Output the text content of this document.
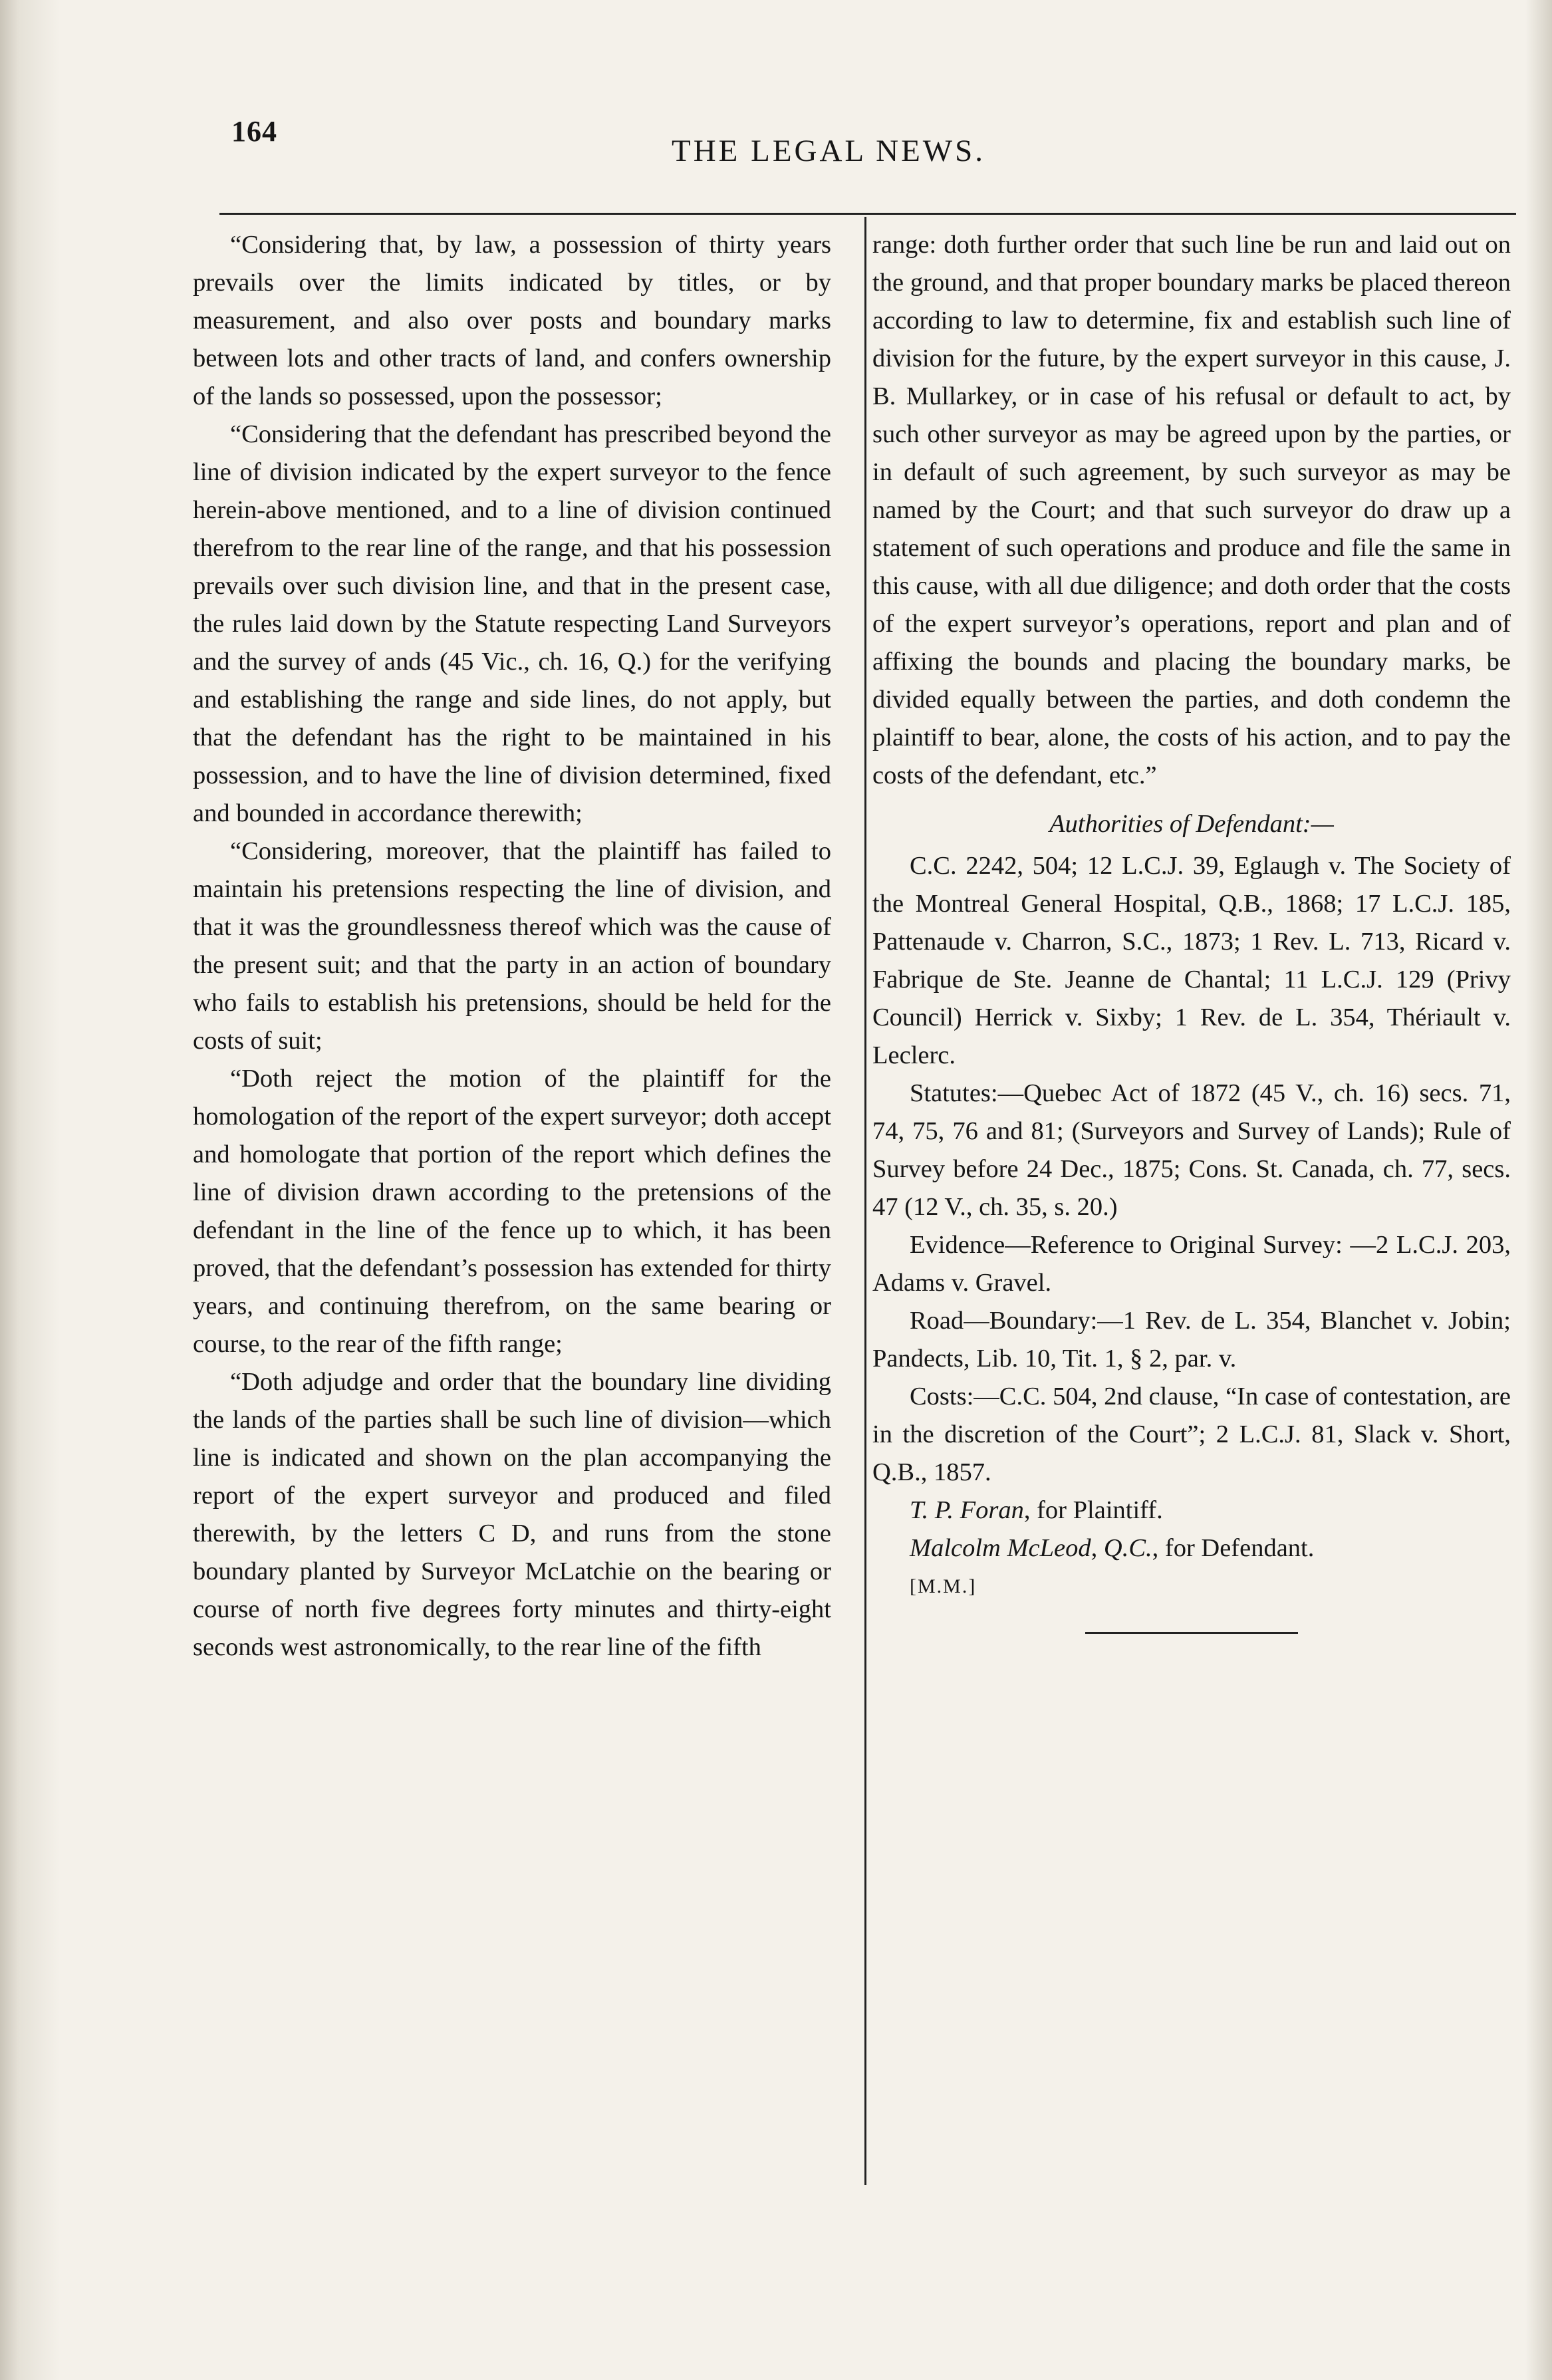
164
THE LEGAL NEWS.

“Considering that, by law, a possession of thirty years prevails over the limits indicated by titles, or by measurement, and also over posts and boundary marks between lots and other tracts of land, and confers ownership of the lands so possessed, upon the possessor;

“Considering that the defendant has prescribed beyond the line of division indicated by the expert surveyor to the fence herein-above mentioned, and to a line of division continued therefrom to the rear line of the range, and that his possession prevails over such division line, and that in the present case, the rules laid down by the Statute respecting Land Surveyors and the survey of ands (45 Vic., ch. 16, Q.) for the verifying and establishing the range and side lines, do not apply, but that the defendant has the right to be maintained in his possession, and to have the line of division determined, fixed and bounded in accordance therewith;

“Considering, moreover, that the plaintiff has failed to maintain his pretensions respecting the line of division, and that it was the groundlessness thereof which was the cause of the present suit; and that the party in an action of boundary who fails to establish his pretensions, should be held for the costs of suit;

“Doth reject the motion of the plaintiff for the homologation of the report of the expert surveyor; doth accept and homologate that portion of the report which defines the line of division drawn according to the pretensions of the defendant in the line of the fence up to which, it has been proved, that the defendant’s possession has extended for thirty years, and continuing therefrom, on the same bearing or course, to the rear of the fifth range;

“Doth adjudge and order that the boundary line dividing the lands of the parties shall be such line of division—which line is indicated and shown on the plan accompanying the report of the expert surveyor and produced and filed therewith, by the letters C D, and runs from the stone boundary planted by Surveyor McLatchie on the bearing or course of north five degrees forty minutes and thirty-eight seconds west astronomically, to the rear line of the fifth

range: doth further order that such line be run and laid out on the ground, and that proper boundary marks be placed thereon according to law to determine, fix and establish such line of division for the future, by the expert surveyor in this cause, J. B. Mullarkey, or in case of his refusal or default to act, by such other surveyor as may be agreed upon by the parties, or in default of such agreement, by such surveyor as may be named by the Court; and that such surveyor do draw up a statement of such operations and produce and file the same in this cause, with all due diligence; and doth order that the costs of the expert surveyor’s operations, report and plan and of affixing the bounds and placing the boundary marks, be divided equally between the parties, and doth condemn the plaintiff to bear, alone, the costs of his action, and to pay the costs of the defendant, etc.”

Authorities of Defendant:—

C.C. 2242, 504; 12 L.C.J. 39, Eglaugh v. The Society of the Montreal General Hospital, Q.B., 1868; 17 L.C.J. 185, Pattenaude v. Charron, S.C., 1873; 1 Rev. L. 713, Ricard v. Fabrique de Ste. Jeanne de Chantal; 11 L.C.J. 129 (Privy Council) Herrick v. Sixby; 1 Rev. de L. 354, Thériault v. Leclerc.

Statutes:—Quebec Act of 1872 (45 V., ch. 16) secs. 71, 74, 75, 76 and 81; (Surveyors and Survey of Lands); Rule of Survey before 24 Dec., 1875; Cons. St. Canada, ch. 77, secs. 47 (12 V., ch. 35, s. 20.)

Evidence—Reference to Original Survey: —2 L.C.J. 203, Adams v. Gravel.

Road—Boundary:—1 Rev. de L. 354, Blanchet v. Jobin; Pandects, Lib. 10, Tit. 1, § 2, par. v.

Costs:—C.C. 504, 2nd clause, “In case of contestation, are in the discretion of the Court”; 2 L.C.J. 81, Slack v. Short, Q.B., 1857.

T. P. Foran, for Plaintiff.

Malcolm McLeod, Q.C., for Defendant.

[M.M.]
